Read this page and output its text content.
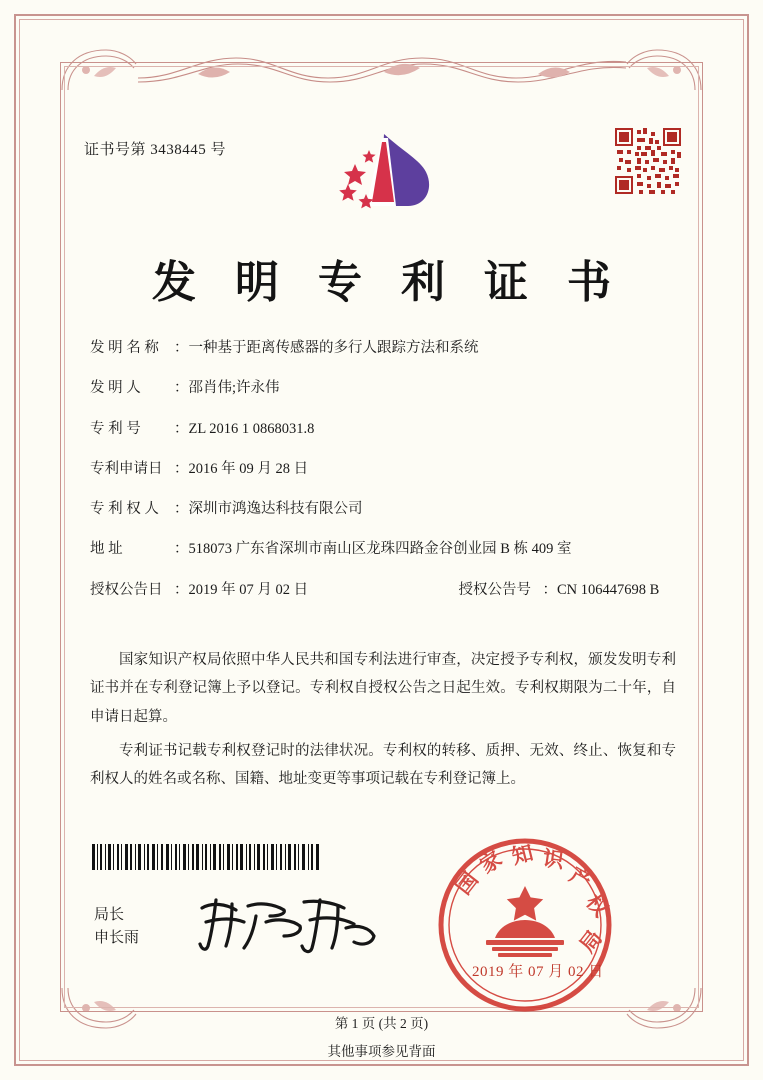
证书号第 3438445 号
发 明 专 利 证 书
发 明 名 称	： 一种基于距离传感器的多行人跟踪方法和系统
发 明 人	： 邵肖伟;许永伟
专 利 号	： ZL 2016 1 0868031.8
专利申请日 ： 2016 年 09 月 28 日
专 利 权 人	： 深圳市鸿逸达科技有限公司
地 址	： 518073 广东省深圳市南山区龙珠四路金谷创业园 B 栋 409 室
授权公告日 ： 2019 年 07 月 02 日	授权公告号 ： CN 106447698 B
国家知识产权局依照中华人民共和国专利法进行审查，决定授予专利权，颁发发明专利证书并在专利登记簿上予以登记。专利权自授权公告之日起生效。专利权期限为二十年，自申请日起算。
专利证书记载专利权登记时的法律状况。专利权的转移、质押、无效、终止、恢复和专利权人的姓名或名称、国籍、地址变更等事项记载在专利登记簿上。
局长
申长雨
国
家 知 识
产
权
局
2019 年 07 月 02 日
第 1 页 (共 2 页)
其他事项参见背面
